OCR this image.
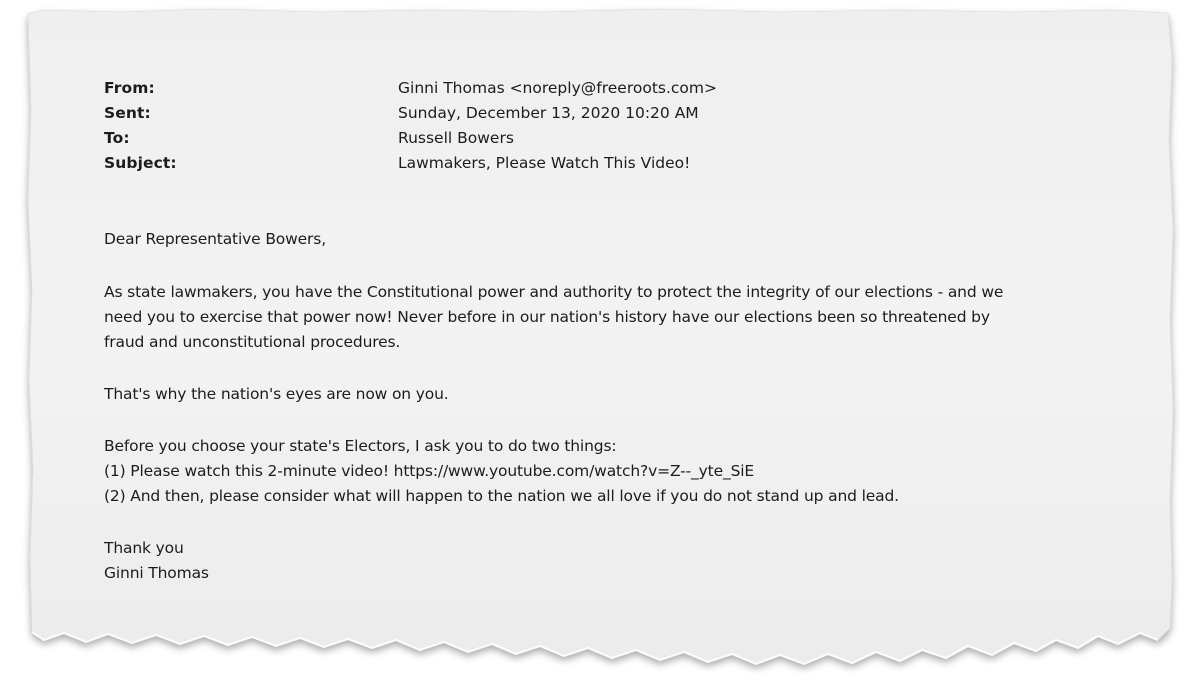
From:	Ginni Thomas <noreply@freeroots.com>
Sent:	Sunday, December 13, 2020 10:20 AM
To:	Russell Bowers
Subject:	Lawmakers, Please Watch This Video!
Dear Representative Bowers,
As state lawmakers, you have the Constitutional power and authority to protect the integrity of our elections - and we
need you to exercise that power now! Never before in our nation's history have our elections been so threatened by
fraud and unconstitutional procedures.
That's why the nation's eyes are now on you.
Before you choose your state's Electors, I ask you to do two things:
(1) Please watch this 2-minute video! https://www.youtube.com/watch?v=Z--_yte_SiE
(2) And then, please consider what will happen to the nation we all love if you do not stand up and lead.
Thank you
Ginni Thomas
